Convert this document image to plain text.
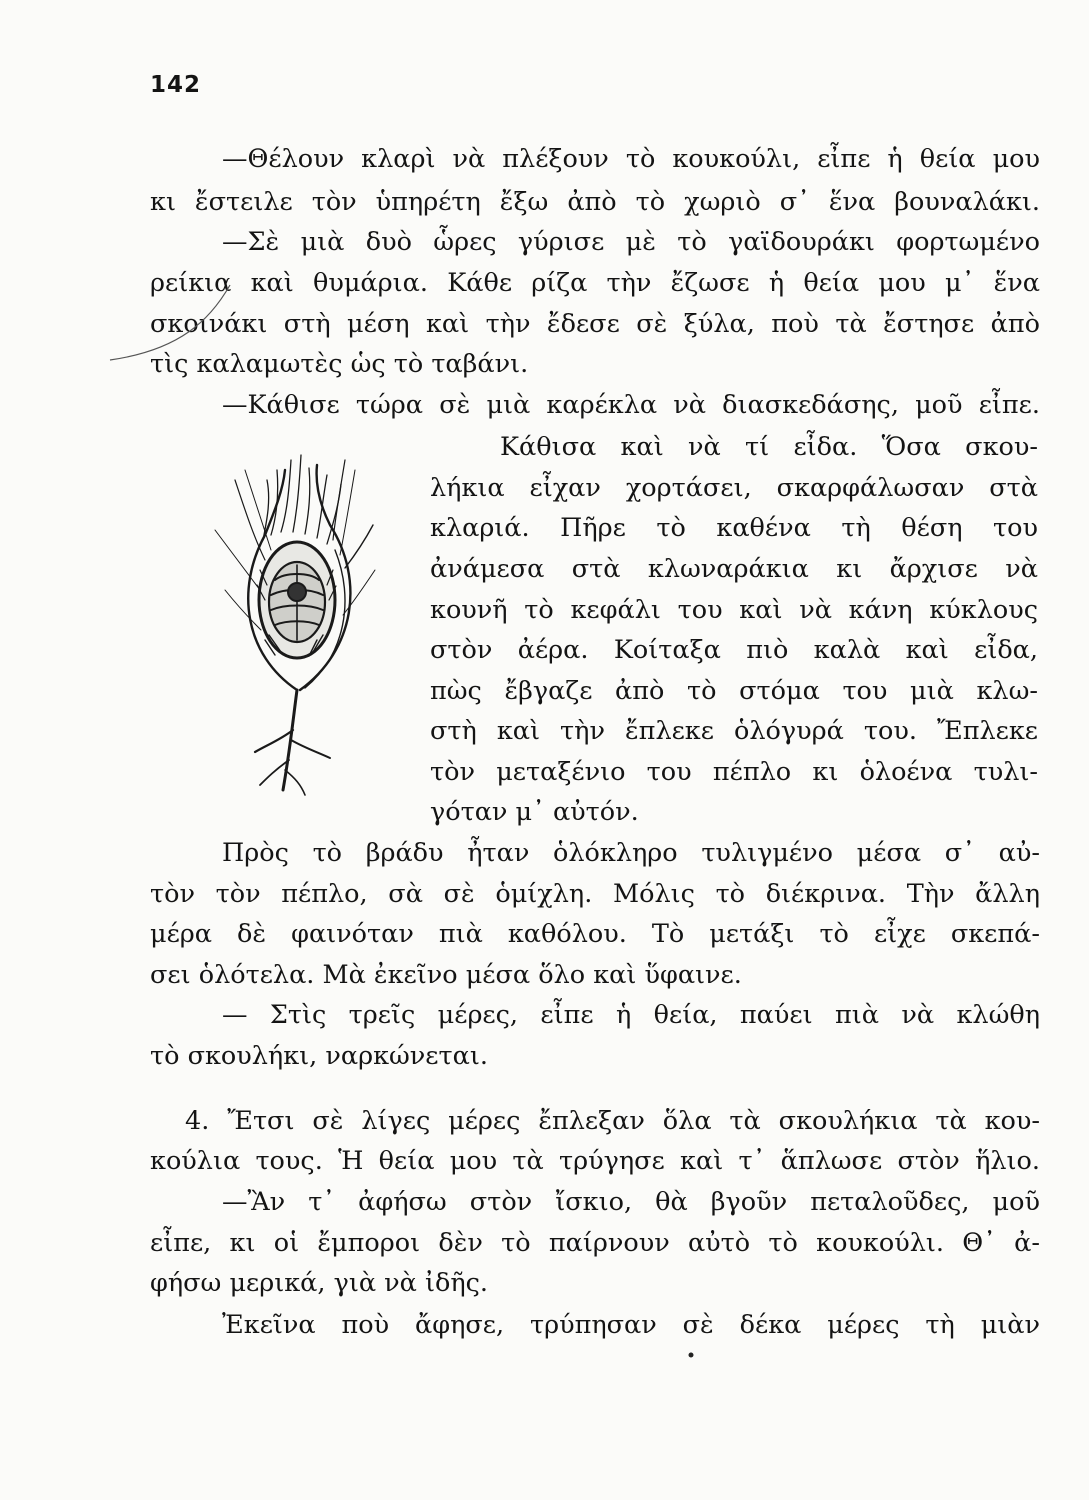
142
—Θέλουν κλαρὶ νὰ πλέξουν τὸ κουκούλι, εἶπε ἡ θεία μου
κι ἔστειλε τὸν ὑπηρέτη ἔξω ἀπὸ τὸ χωριὸ σ᾿ ἕνα βουναλάκι.
—Σὲ μιὰ δυὸ ὧρες γύρισε μὲ τὸ γαϊδουράκι φορτωμένο
ρείκια καὶ θυμάρια. Κάθε ρίζα τὴν ἔζωσε ἡ θεία μου μ᾿ ἕνα
σκοινάκι στὴ μέση καὶ τὴν ἔδεσε σὲ ξύλα, ποὺ τὰ ἔστησε ἀπὸ
τὶς καλαμωτὲς ὡς τὸ ταβάνι.
—Κάθισε τώρα σὲ μιὰ καρέκλα νὰ διασκεδάσης, μοῦ εἶπε.
Κάθισα καὶ νὰ τί εἶδα. Ὅσα σκου-
λήκια εἶχαν χορτάσει, σκαρφάλωσαν στὰ
κλαριά. Πῆρε τὸ καθένα τὴ θέση του
ἀνάμεσα στὰ κλωναράκια κι ἄρχισε νὰ
κουνῆ τὸ κεφάλι του καὶ νὰ κάνη κύκλους
στὸν ἀέρα. Κοίταξα πιὸ καλὰ καὶ εἶδα,
πὼς ἔβγαζε ἀπὸ τὸ στόμα του μιὰ κλω-
στὴ καὶ τὴν ἔπλεκε ὁλόγυρά του. Ἔπλεκε
τὸν μεταξένιο του πέπλο κι ὁλοένα τυλι-
γόταν μ᾿ αὐτόν.
Πρὸς τὸ βράδυ ἦταν ὁλόκληρο τυλιγμένο μέσα σ᾿ αὐ-
τὸν τὸν πέπλο, σὰ σὲ ὁμίχλη. Μόλις τὸ διέκρινα. Τὴν ἄλλη
μέρα δὲ φαινόταν πιὰ καθόλου. Τὸ μετάξι τὸ εἶχε σκεπά-
σει ὁλότελα. Μὰ ἐκεῖνο μέσα ὅλο καὶ ὕφαινε.
— Στὶς τρεῖς μέρες, εἶπε ἡ θεία, παύει πιὰ νὰ κλώθη
τὸ σκουλήκι, ναρκώνεται.
4. Ἔτσι σὲ λίγες μέρες ἔπλεξαν ὅλα τὰ σκουλήκια τὰ κου-
κούλια τους. Ἡ θεία μου τὰ τρύγησε καὶ τ᾿ ἅπλωσε στὸν ἥλιο.
—Ἂν τ᾿ ἀφήσω στὸν ἴσκιο, θὰ βγοῦν πεταλοῦδες, μοῦ
εἶπε, κι οἱ ἔμποροι δὲν τὸ παίρνουν αὐτὸ τὸ κουκούλι. Θ᾿ ἀ-
φήσω μερικά, γιὰ νὰ ἰδῆς.
Ἐκεῖνα ποὺ ἄφησε, τρύπησαν σὲ δέκα μέρες τὴ μιὰν
